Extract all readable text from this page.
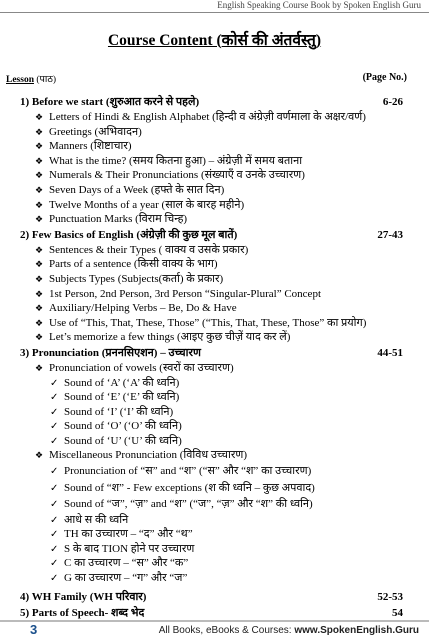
English Speaking Course Book by Spoken English Guru
Course Content (कोर्स की अंतर्वस्तु)
Lesson (पाठ)	(Page No.)
1) Before we start (शुरुआत करने से पहले)	6-26
❖ Letters of Hindi & English Alphabet (हिन्दी व अंग्रेज़ी वर्णमाला के अक्षर/वर्ण)
❖ Greetings (अभिवादन)
❖ Manners (शिष्टाचार)
❖ What is the time? (समय कितना हुआ) – अंग्रेज़ी में समय बताना
❖ Numerals & Their Pronunciations (संख्याएँ व उनके उच्चारण)
❖ Seven Days of a Week (हफ्ते के सात दिन)
❖ Twelve Months of a year (साल के बारह महीने)
❖ Punctuation Marks (विराम चिन्ह)
2) Few Basics of English (अंग्रेज़ी की कुछ मूल बातें)	27-43
❖ Sentences & their Types ( वाक्य व उसके प्रकार)
❖ Parts of a sentence (किसी वाक्य के भाग)
❖ Subjects Types (Subjects(कर्ता) के प्रकार)
❖ 1st Person, 2nd Person, 3rd Person “Singular-Plural” Concept
❖ Auxiliary/Helping Verbs – Be, Do & Have
❖ Use of “This, That, These, Those” (“This, That, These, Those” का प्रयोग)
❖ Let’s memorize a few things (आइए कुछ चीज़ें याद कर लें)
3) Pronunciation (प्रननसिएशन) – उच्चारण	44-51
❖ Pronunciation of vowels (स्वरों का उच्चारण)
✓ Sound of ‘A’ (‘A’ की ध्वनि)
✓ Sound of ‘E’ (‘E’ की ध्वनि)
✓ Sound of ‘I’ (‘I’ की ध्वनि)
✓ Sound of ‘O’ (‘O’ की ध्वनि)
✓ Sound of ‘U’ (‘U’ की ध्वनि)
❖ Miscellaneous Pronunciation (विविध उच्चारण)
✓ Pronunciation of “स” and “श” (“स” और “श” का उच्चारण)
✓ Sound of “श” - Few exceptions (श की ध्वनि – कुछ अपवाद)
✓ Sound of “ज”, “ज़” and “श” (“ज”, “ज़” और “श” की ध्वनि)
✓ आधे स की ध्वनि
✓ TH का उच्चारण – “द” और “थ”
✓ S के बाद TION होने पर उच्चारण
✓ C का उच्चारण – “स” और “क”
✓ G का उच्चारण – “ग” और “ज”
4) WH Family (WH परिवार)	52-53
5) Parts of Speech- शब्द भेद	54
3	All Books, eBooks & Courses: www.SpokenEnglish.Guru
